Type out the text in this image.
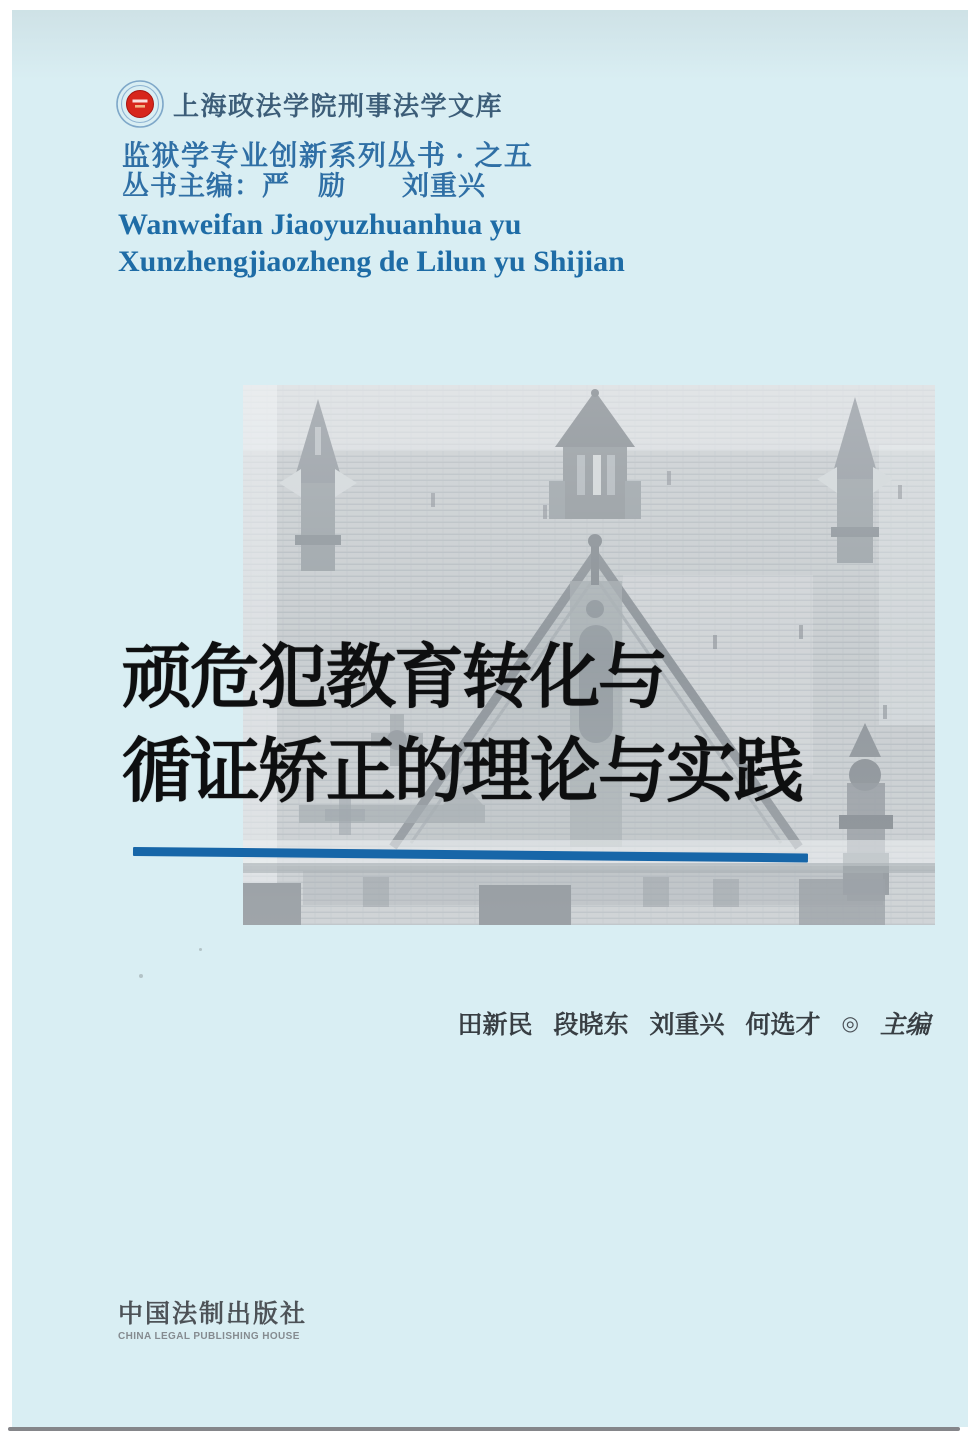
上海政法学院刑事法学文库
监狱学专业创新系列丛书 · 之五
丛书主编：严　励　　刘重兴
Wanweifan Jiaoyuzhuanhua yu
Xunzhengjiaozheng de Lilun yu Shijian
顽危犯教育转化与
循证矫正的理论与实践
田新民 段晓东 刘重兴 何选才 ◎ 主编
中国法制出版社
CHINA LEGAL PUBLISHING HOUSE
